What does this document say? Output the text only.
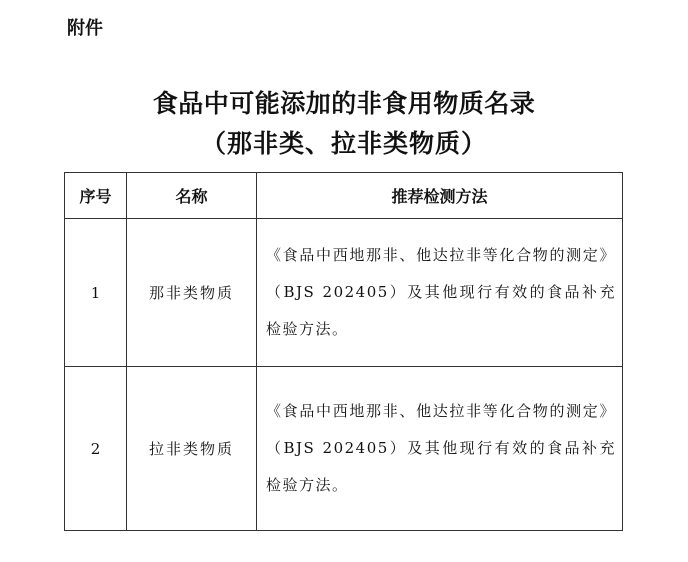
附件
食品中可能添加的非食用物质名录
（那非类、拉非类物质）
序号	名称	推荐检测方法
1	那非类物质	《食品中西地那非、他达拉非等化合物的测定》（BJS 202405）及其他现行有效的食品补充检验方法。
2	拉非类物质	《食品中西地那非、他达拉非等化合物的测定》（BJS 202405）及其他现行有效的食品补充检验方法。
